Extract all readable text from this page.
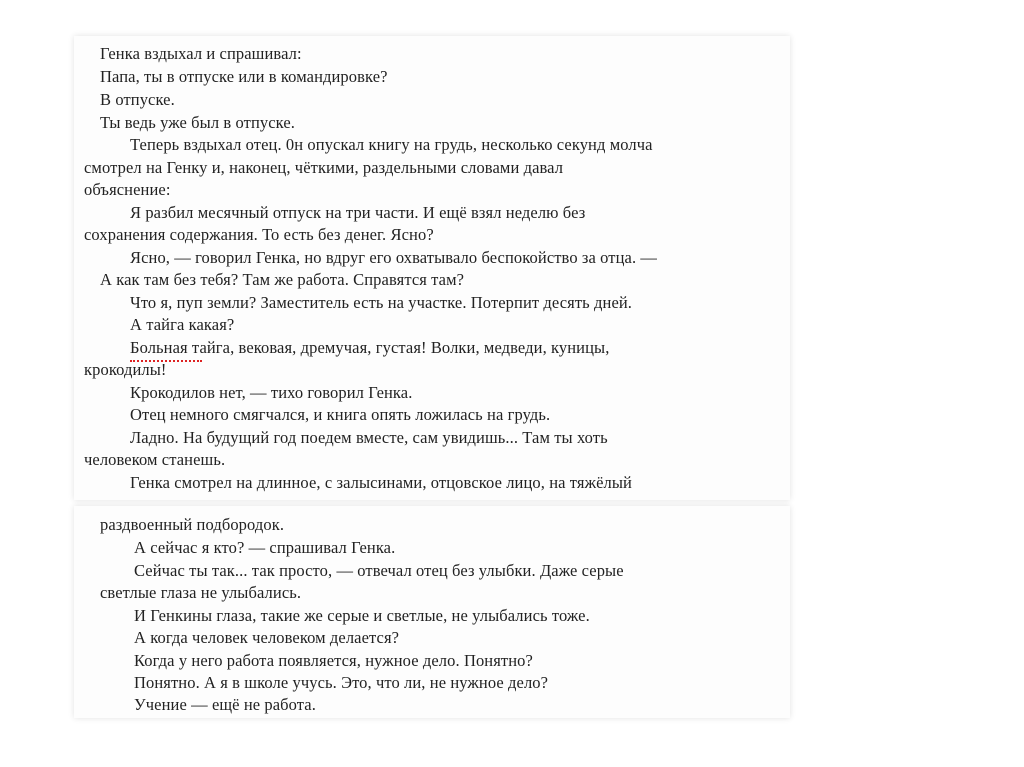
Генка вздыхал и спрашивал:
Папа, ты в отпуске или в командировке?
В отпуске.
Ты ведь уже был в отпуске.
Теперь вздыхал отец. 0н опускал книгу на грудь, несколько секунд молча
смотрел на Генку и, наконец, чёткими, раздельными словами давал
объяснение:
Я разбил месячный отпуск на три части. И ещё взял неделю без
сохранения содержания. То есть без денег. Ясно?
Ясно, — говорил Генка, но вдруг его охватывало беспокойство за отца. —
А как там без тебя? Там же работа. Справятся там?
Что я, пуп земли? Заместитель есть на участке. Потерпит десять дней.
А тайга какая?
Больная тайга, вековая, дремучая, густая! Волки, медведи, куницы,
крокодилы!
Крокодилов нет, — тихо говорил Генка.
Отец немного смягчался, и книга опять ложилась на грудь.
Ладно. На будущий год поедем вместе, сам увидишь... Там ты хоть
человеком станешь.
Генка смотрел на длинное, с залысинами, отцовское лицо, на тяжёлый
раздвоенный подбородок.
А сейчас я кто? — спрашивал Генка.
Сейчас ты так... так просто, — отвечал отец без улыбки. Даже серые
светлые глаза не улыбались.
И Генкины глаза, такие же серые и светлые, не улыбались тоже.
А когда человек человеком делается?
Когда у него работа появляется, нужное дело. Понятно?
Понятно. А я в школе учусь. Это, что ли, не нужное дело?
Учение — ещё не работа.
